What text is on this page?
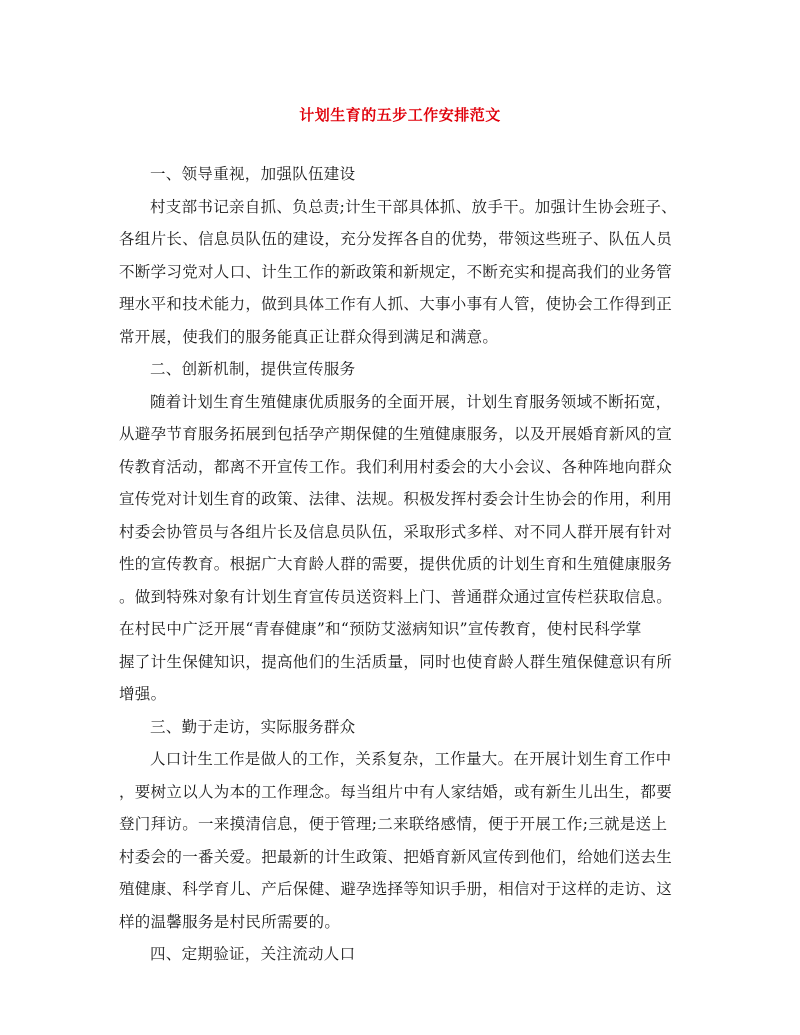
计划生育的五步工作安排范文

一、领导重视，加强队伍建设

村支部书记亲自抓、负总责;计生干部具体抓、放手干。加强计生协会班子、
各组片长、信息员队伍的建设，充分发挥各自的优势，带领这些班子、队伍人员
不断学习党对人口、计生工作的新政策和新规定，不断充实和提高我们的业务管
理水平和技术能力，做到具体工作有人抓、大事小事有人管，使协会工作得到正
常开展，使我们的服务能真正让群众得到满足和满意。

二、创新机制，提供宣传服务

随着计划生育生殖健康优质服务的全面开展，计划生育服务领域不断拓宽，
从避孕节育服务拓展到包括孕产期保健的生殖健康服务，以及开展婚育新风的宣
传教育活动，都离不开宣传工作。我们利用村委会的大小会议、各种阵地向群众
宣传党对计划生育的政策、法律、法规。积极发挥村委会计生协会的作用，利用
村委会协管员与各组片长及信息员队伍，采取形式多样、对不同人群开展有针对
性的宣传教育。根据广大育龄人群的需要，提供优质的计划生育和生殖健康服务
。做到特殊对象有计划生育宣传员送资料上门、普通群众通过宣传栏获取信息。
在村民中广泛开展“青春健康”和“预防艾滋病知识”宣传教育，使村民科学掌
握了计生保健知识，提高他们的生活质量，同时也使育龄人群生殖保健意识有所
增强。

三、勤于走访，实际服务群众

人口计生工作是做人的工作，关系复杂，工作量大。在开展计划生育工作中
，要树立以人为本的工作理念。每当组片中有人家结婚，或有新生儿出生，都要
登门拜访。一来摸清信息，便于管理;二来联络感情，便于开展工作;三就是送上
村委会的一番关爱。把最新的计生政策、把婚育新风宣传到他们，给她们送去生
殖健康、科学育儿、产后保健、避孕选择等知识手册，相信对于这样的走访、这
样的温馨服务是村民所需要的。

四、定期验证，关注流动人口
